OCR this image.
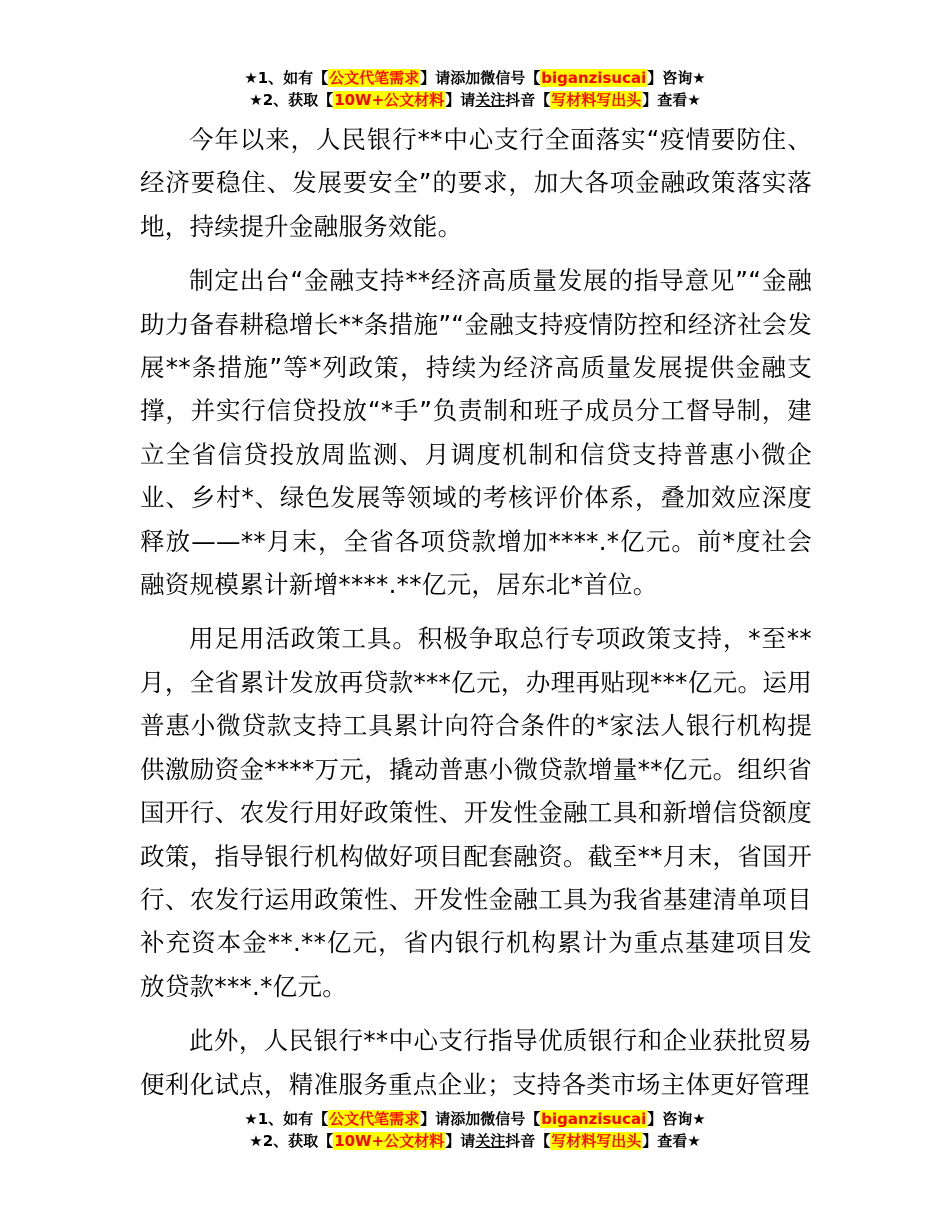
★1、如有【公文代笔需求】请添加微信号【biganzisucai】咨询★
★2、获取【10W+公文材料】请关注抖音【写材料写出头】查看★

今年以来，人民银行**中心支行全面落实“疫情要防住、经济要稳住、发展要安全”的要求，加大各项金融政策落实落地，持续提升金融服务效能。

制定出台“金融支持**经济高质量发展的指导意见”“金融助力备春耕稳增长**条措施”“金融支持疫情防控和经济社会发展**条措施”等*列政策，持续为经济高质量发展提供金融支撑，并实行信贷投放“*手”负责制和班子成员分工督导制，建立全省信贷投放周监测、月调度机制和信贷支持普惠小微企业、乡村*、绿色发展等领域的考核评价体系，叠加效应深度释放——**月末，全省各项贷款增加****.*亿元。前*度社会融资规模累计新增****.**亿元，居东北*首位。

用足用活政策工具。积极争取总行专项政策支持，*至**月，全省累计发放再贷款***亿元，办理再贴现***亿元。运用普惠小微贷款支持工具累计向符合条件的*家法人银行机构提供激励资金****万元，撬动普惠小微贷款增量**亿元。组织省国开行、农发行用好政策性、开发性金融工具和新增信贷额度政策，指导银行机构做好项目配套融资。截至**月末，省国开行、农发行运用政策性、开发性金融工具为我省基建清单项目补充资本金**.**亿元，省内银行机构累计为重点基建项目发放贷款***.*亿元。

此外，人民银行**中心支行指导优质银行和企业获批贸易便利化试点，精准服务重点企业；支持各类市场主体更好管理

★1、如有【公文代笔需求】请添加微信号【biganzisucai】咨询★
★2、获取【10W+公文材料】请关注抖音【写材料写出头】查看★
